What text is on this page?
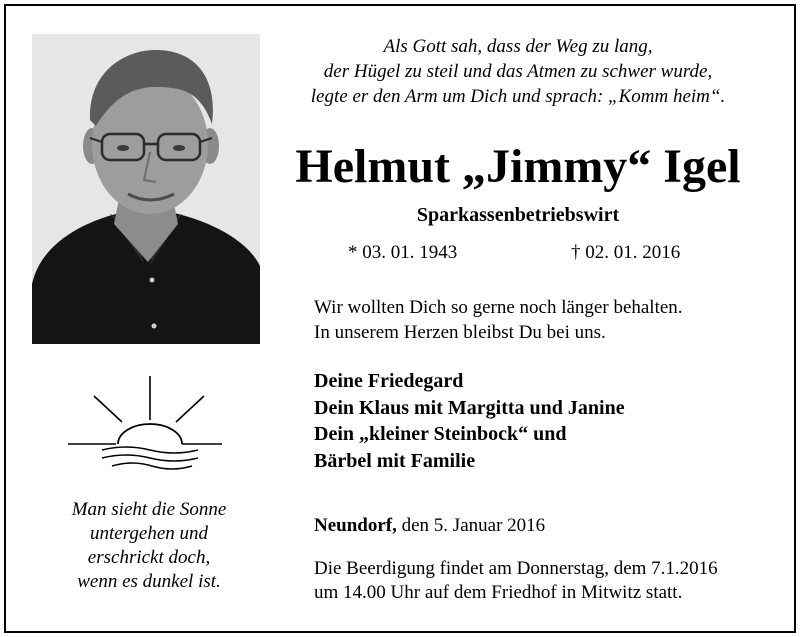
Als Gott sah, dass der Weg zu lang,
der Hügel zu steil und das Atmen zu schwer wurde,
legte er den Arm um Dich und sprach: „Komm heim“.
Helmut „Jimmy“ Igel
Sparkassenbetriebswirt
* 03. 01. 1943	† 02. 01. 2016
Wir wollten Dich so gerne noch länger behalten.
In unserem Herzen bleibst Du bei uns.
Deine Friedegard
Dein Klaus mit Margitta und Janine
Dein „kleiner Steinbock“ und
Bärbel mit Familie
Neundorf, den 5. Januar 2016
Die Beerdigung findet am Donnerstag, dem 7.1.2016
um 14.00 Uhr auf dem Friedhof in Mitwitz statt.
Man sieht die Sonne
untergehen und
erschrickt doch,
wenn es dunkel ist.
